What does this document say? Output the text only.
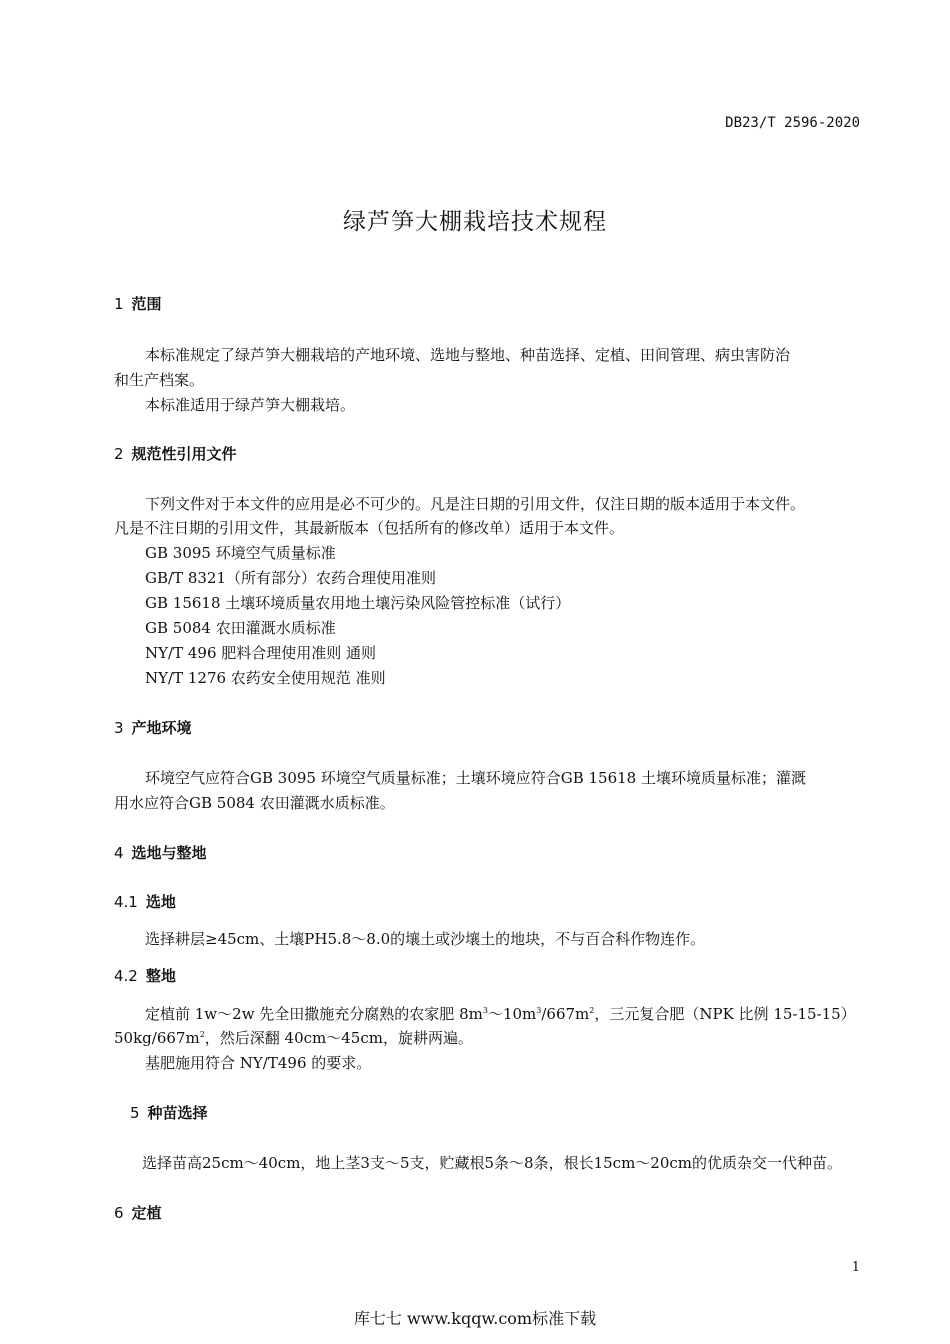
DB23/T 2596-2020
绿芦笋大棚栽培技术规程
1 范围
本标准规定了绿芦笋大棚栽培的产地环境、选地与整地、种苗选择、定植、田间管理、病虫害防治
和生产档案。
本标准适用于绿芦笋大棚栽培。
2 规范性引用文件
下列文件对于本文件的应用是必不可少的。凡是注日期的引用文件，仅注日期的版本适用于本文件。
凡是不注日期的引用文件，其最新版本（包括所有的修改单）适用于本文件。
GB 3095 环境空气质量标准
GB/T 8321（所有部分）农药合理使用准则
GB 15618 土壤环境质量农用地土壤污染风险管控标准（试行）
GB 5084 农田灌溉水质标准
NY/T 496 肥料合理使用准则 通则
NY/T 1276 农药安全使用规范 准则
3 产地环境
环境空气应符合GB 3095 环境空气质量标准；土壤环境应符合GB 15618 土壤环境质量标准；灌溉
用水应符合GB 5084 农田灌溉水质标准。
4 选地与整地
4.1 选地
选择耕层≥45cm、土壤PH5.8～8.0的壤土或沙壤土的地块，不与百合科作物连作。
4.2 整地
定植前 1w～2w 先全田撒施充分腐熟的农家肥 $8m^3\sim 10m^3/667m^2$，三元复合肥（NPK 比例 15-15-15）
$50kg/667m^2$，然后深翻 40cm～45cm，旋耕两遍。
基肥施用符合 NY/T496 的要求。
5 种苗选择
选择苗高25cm～40cm，地上茎3支～5支，贮藏根5条～8条，根长15cm～20cm的优质杂交一代种苗。
6 定植
1
库七七 www.kqqw.com标准下载
